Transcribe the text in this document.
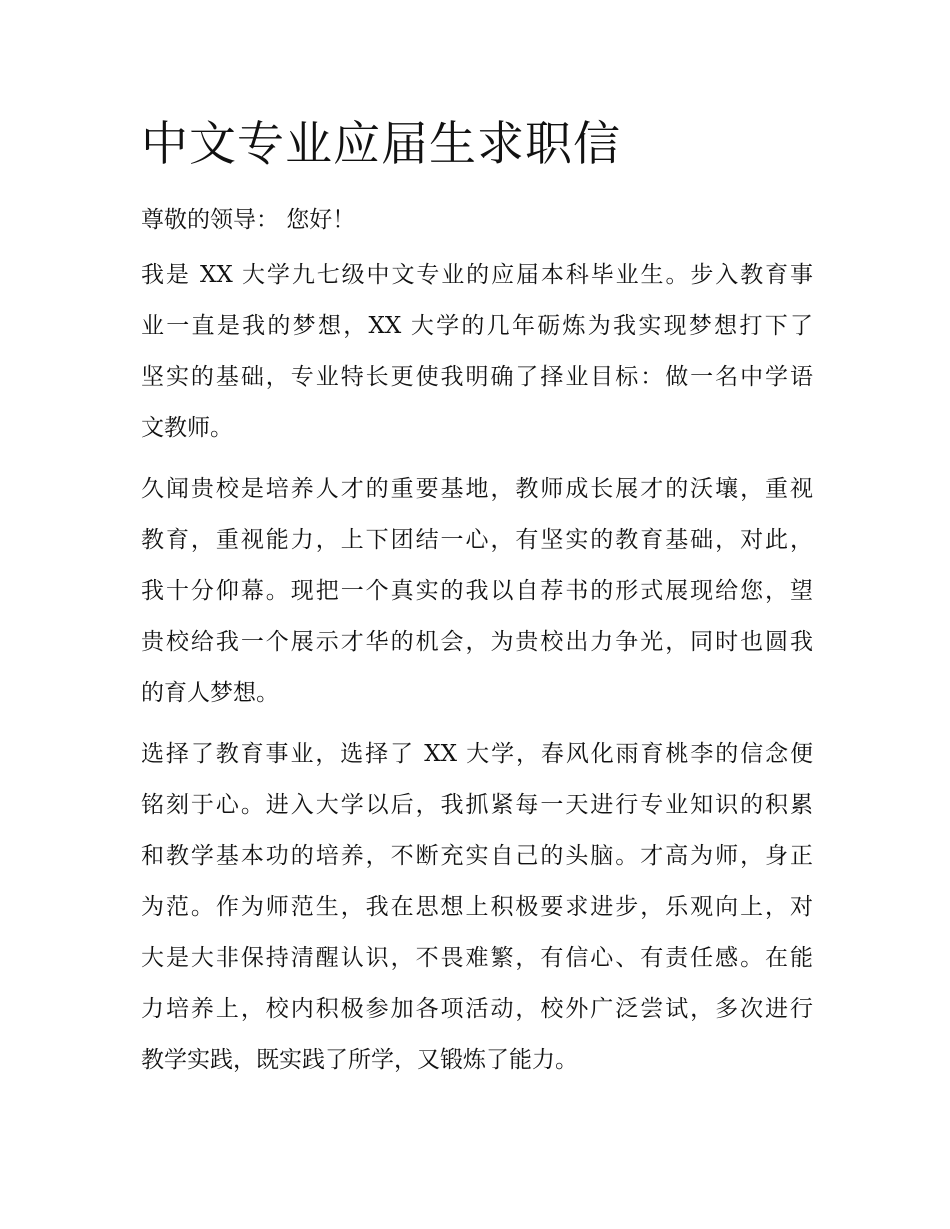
中文专业应届生求职信
尊敬的领导： 您好！
我是 XX 大学九七级中文专业的应届本科毕业生。步入教育事
业一直是我的梦想，XX 大学的几年砺炼为我实现梦想打下了
坚实的基础，专业特长更使我明确了择业目标：做一名中学语
文教师。
久闻贵校是培养人才的重要基地，教师成长展才的沃壤，重视
教育，重视能力，上下团结一心，有坚实的教育基础，对此，
我十分仰幕。现把一个真实的我以自荐书的形式展现给您，望
贵校给我一个展示才华的机会，为贵校出力争光，同时也圆我
的育人梦想。
选择了教育事业，选择了 XX 大学，春风化雨育桃李的信念便
铭刻于心。进入大学以后，我抓紧每一天进行专业知识的积累
和教学基本功的培养，不断充实自己的头脑。才高为师，身正
为范。作为师范生，我在思想上积极要求进步，乐观向上，对
大是大非保持清醒认识，不畏难繁，有信心、有责任感。在能
力培养上，校内积极参加各项活动，校外广泛尝试，多次进行
教学实践，既实践了所学，又锻炼了能力。
